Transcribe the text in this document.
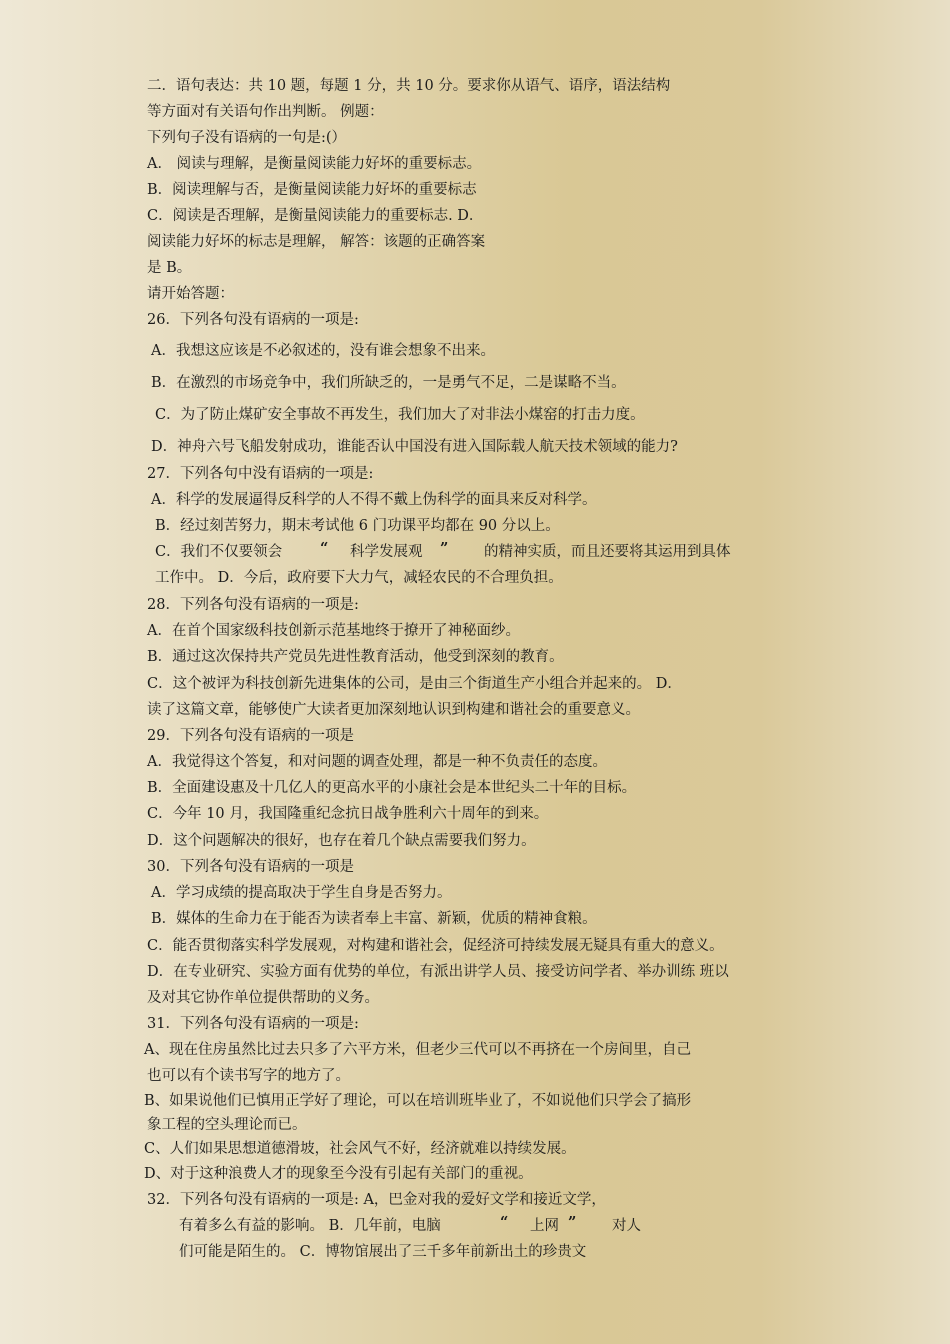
二．语句表达：共 10 题，每题 1 分，共 10 分。要求你从语气、语序，语法结构

等方面对有关语句作出判断。 例题：

下列句子没有语病的一句是:(）

A． 阅读与理解，是衡量阅读能力好坏的重要标志。

B．阅读理解与否，是衡量阅读能力好坏的重要标志

C．阅读是否理解，是衡量阅读能力的重要标志. D．

阅读能力好坏的标志是理解， 解答：该题的正确答案

是 B。

请开始答题：

26．下列各句没有语病的一项是:

A．我想这应该是不必叙述的，没有谁会想象不出来。

B．在激烈的市场竞争中，我们所缺乏的，一是勇气不足，二是谋略不当。

C．为了防止煤矿安全事故不再发生，我们加大了对非法小煤窑的打击力度。

D．神舟六号飞船发射成功，谁能否认中国没有进入国际载人航天技术领域的能力?

27．下列各句中没有语病的一项是:

A．科学的发展逼得反科学的人不得不戴上伪科学的面具来反对科学。

B．经过刻苦努力，期末考试他 6 门功课平均都在 90 分以上。

C．我们不仅要领会	“ 科学发展观 ” 的精神实质，而且还要将其运用到具体

工作中。 D．今后，政府要下大力气，减轻农民的不合理负担。

28．下列各句没有语病的一项是:

A．在首个国家级科技创新示范基地终于撩开了神秘面纱。

B．通过这次保持共产党员先进性教育活动，他受到深刻的教育。

C．这个被评为科技创新先进集体的公司，是由三个街道生产小组合并起来的。 D．

读了这篇文章，能够使广大读者更加深刻地认识到构建和谐社会的重要意义。

29．下列各句没有语病的一项是

A．我觉得这个答复，和对问题的调查处理，都是一种不负责任的态度。

B．全面建设惠及十几亿人的更高水平的小康社会是本世纪头二十年的目标。

C．今年 10 月，我国隆重纪念抗日战争胜利六十周年的到来。

D．这个问题解决的很好，也存在着几个缺点需要我们努力。

30．下列各句没有语病的一项是

A．学习成绩的提高取决于学生自身是否努力。

B．媒体的生命力在于能否为读者奉上丰富、新颖，优质的精神食粮。

C．能否贯彻落实科学发展观，对构建和谐社会，促经济可持续发展无疑具有重大的意义。

D．在专业研究、实验方面有优势的单位，有派出讲学人员、接受访问学者、举办训练 班以

及对其它协作单位提供帮助的义务。

31．下列各句没有语病的一项是:

A、现在住房虽然比过去只多了六平方米，但老少三代可以不再挤在一个房间里，自己

也可以有个读书写字的地方了。

B、如果说他们已慎用正学好了理论，可以在培训班毕业了，不如说他们只学会了搞形

象工程的空头理论而已。

C、人们如果思想道德滑坡，社会风气不好，经济就难以持续发展。

D、对于这种浪费人才的现象至今没有引起有关部门的重视。

32．下列各句没有语病的一项是: A，巴金对我的爱好文学和接近文学，

有着多么有益的影响。 B．几年前，电脑	“ 上网 ” 对人

们可能是陌生的。 C．博物馆展出了三千多年前新出土的珍贵文
